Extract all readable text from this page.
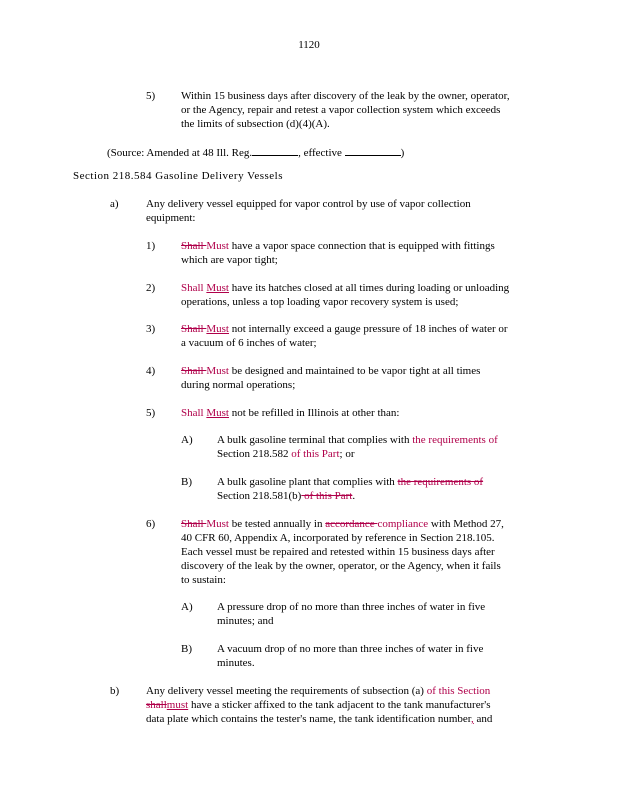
1120
5) Within 15 business days after discovery of the leak by the owner, operator,
or the Agency, repair and retest a vapor collection system which exceeds
the limits of subsection (d)(4)(A).
(Source: Amended at 48 Ill. Reg.	, effective	)
Section 218.584 Gasoline Delivery Vessels
a) Any delivery vessel equipped for vapor control by use of vapor collection
equipment:
1) Shall Must have a vapor space connection that is equipped with fittings
which are vapor tight;
2) Shall Must have its hatches closed at all times during loading or unloading
operations, unless a top loading vapor recovery system is used;
3) Shall Must not internally exceed a gauge pressure of 18 inches of water or
a vacuum of 6 inches of water;
4) Shall Must be designed and maintained to be vapor tight at all times
during normal operations;
5) Shall Must not be refilled in Illinois at other than:
A) A bulk gasoline terminal that complies with the requirements of
Section 218.582 of this Part; or
B) A bulk gasoline plant that complies with the requirements of
Section 218.581(b) of this Part.
6) Shall Must be tested annually in accordance compliance with Method 27,
40 CFR 60, Appendix A, incorporated by reference in Section 218.105.
Each vessel must be repaired and retested within 15 business days after
discovery of the leak by the owner, operator, or the Agency, when it fails
to sustain:
A) A pressure drop of no more than three inches of water in five
minutes; and
B) A vacuum drop of no more than three inches of water in five
minutes.
b) Any delivery vessel meeting the requirements of subsection (a) of this Section
shallmust have a sticker affixed to the tank adjacent to the tank manufacturer's
data plate which contains the tester's name, the tank identification number, and
